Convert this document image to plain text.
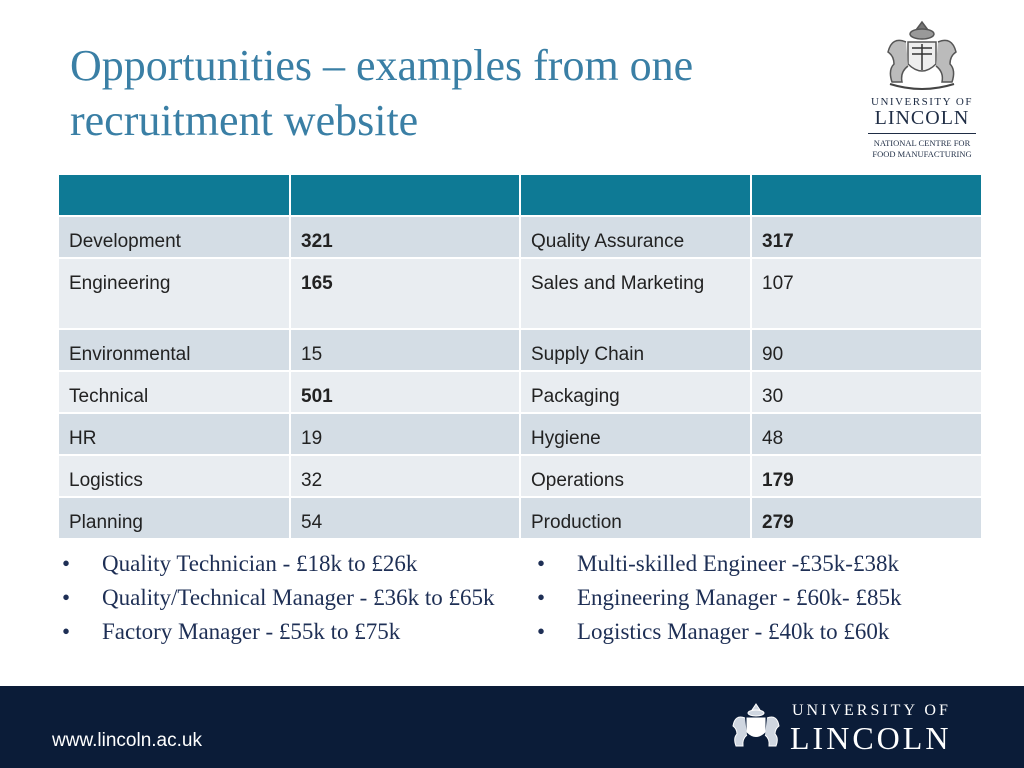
Opportunities – examples from one recruitment website	UNIVERSITY OF
LINCOLN
NATIONAL CENTRE FOR
FOOD MANUFACTURING

Development	321	Quality Assurance	317
Engineering	165	Sales and Marketing	107
Environmental	15	Supply Chain	90
Technical	501	Packaging	30
HR	19	Hygiene	48
Logistics	32	Operations	179
Planning	54	Production	279
• Quality Technician - £18k to £26k
• Quality/Technical Manager - £36k to £65k
• Factory Manager - £55k to £75k
• Multi-skilled Engineer -£35k-£38k
• Engineering Manager - £60k- £85k
• Logistics Manager - £40k to £60k
www.lincoln.ac.uk
UNIVERSITY OF
LINCOLN
